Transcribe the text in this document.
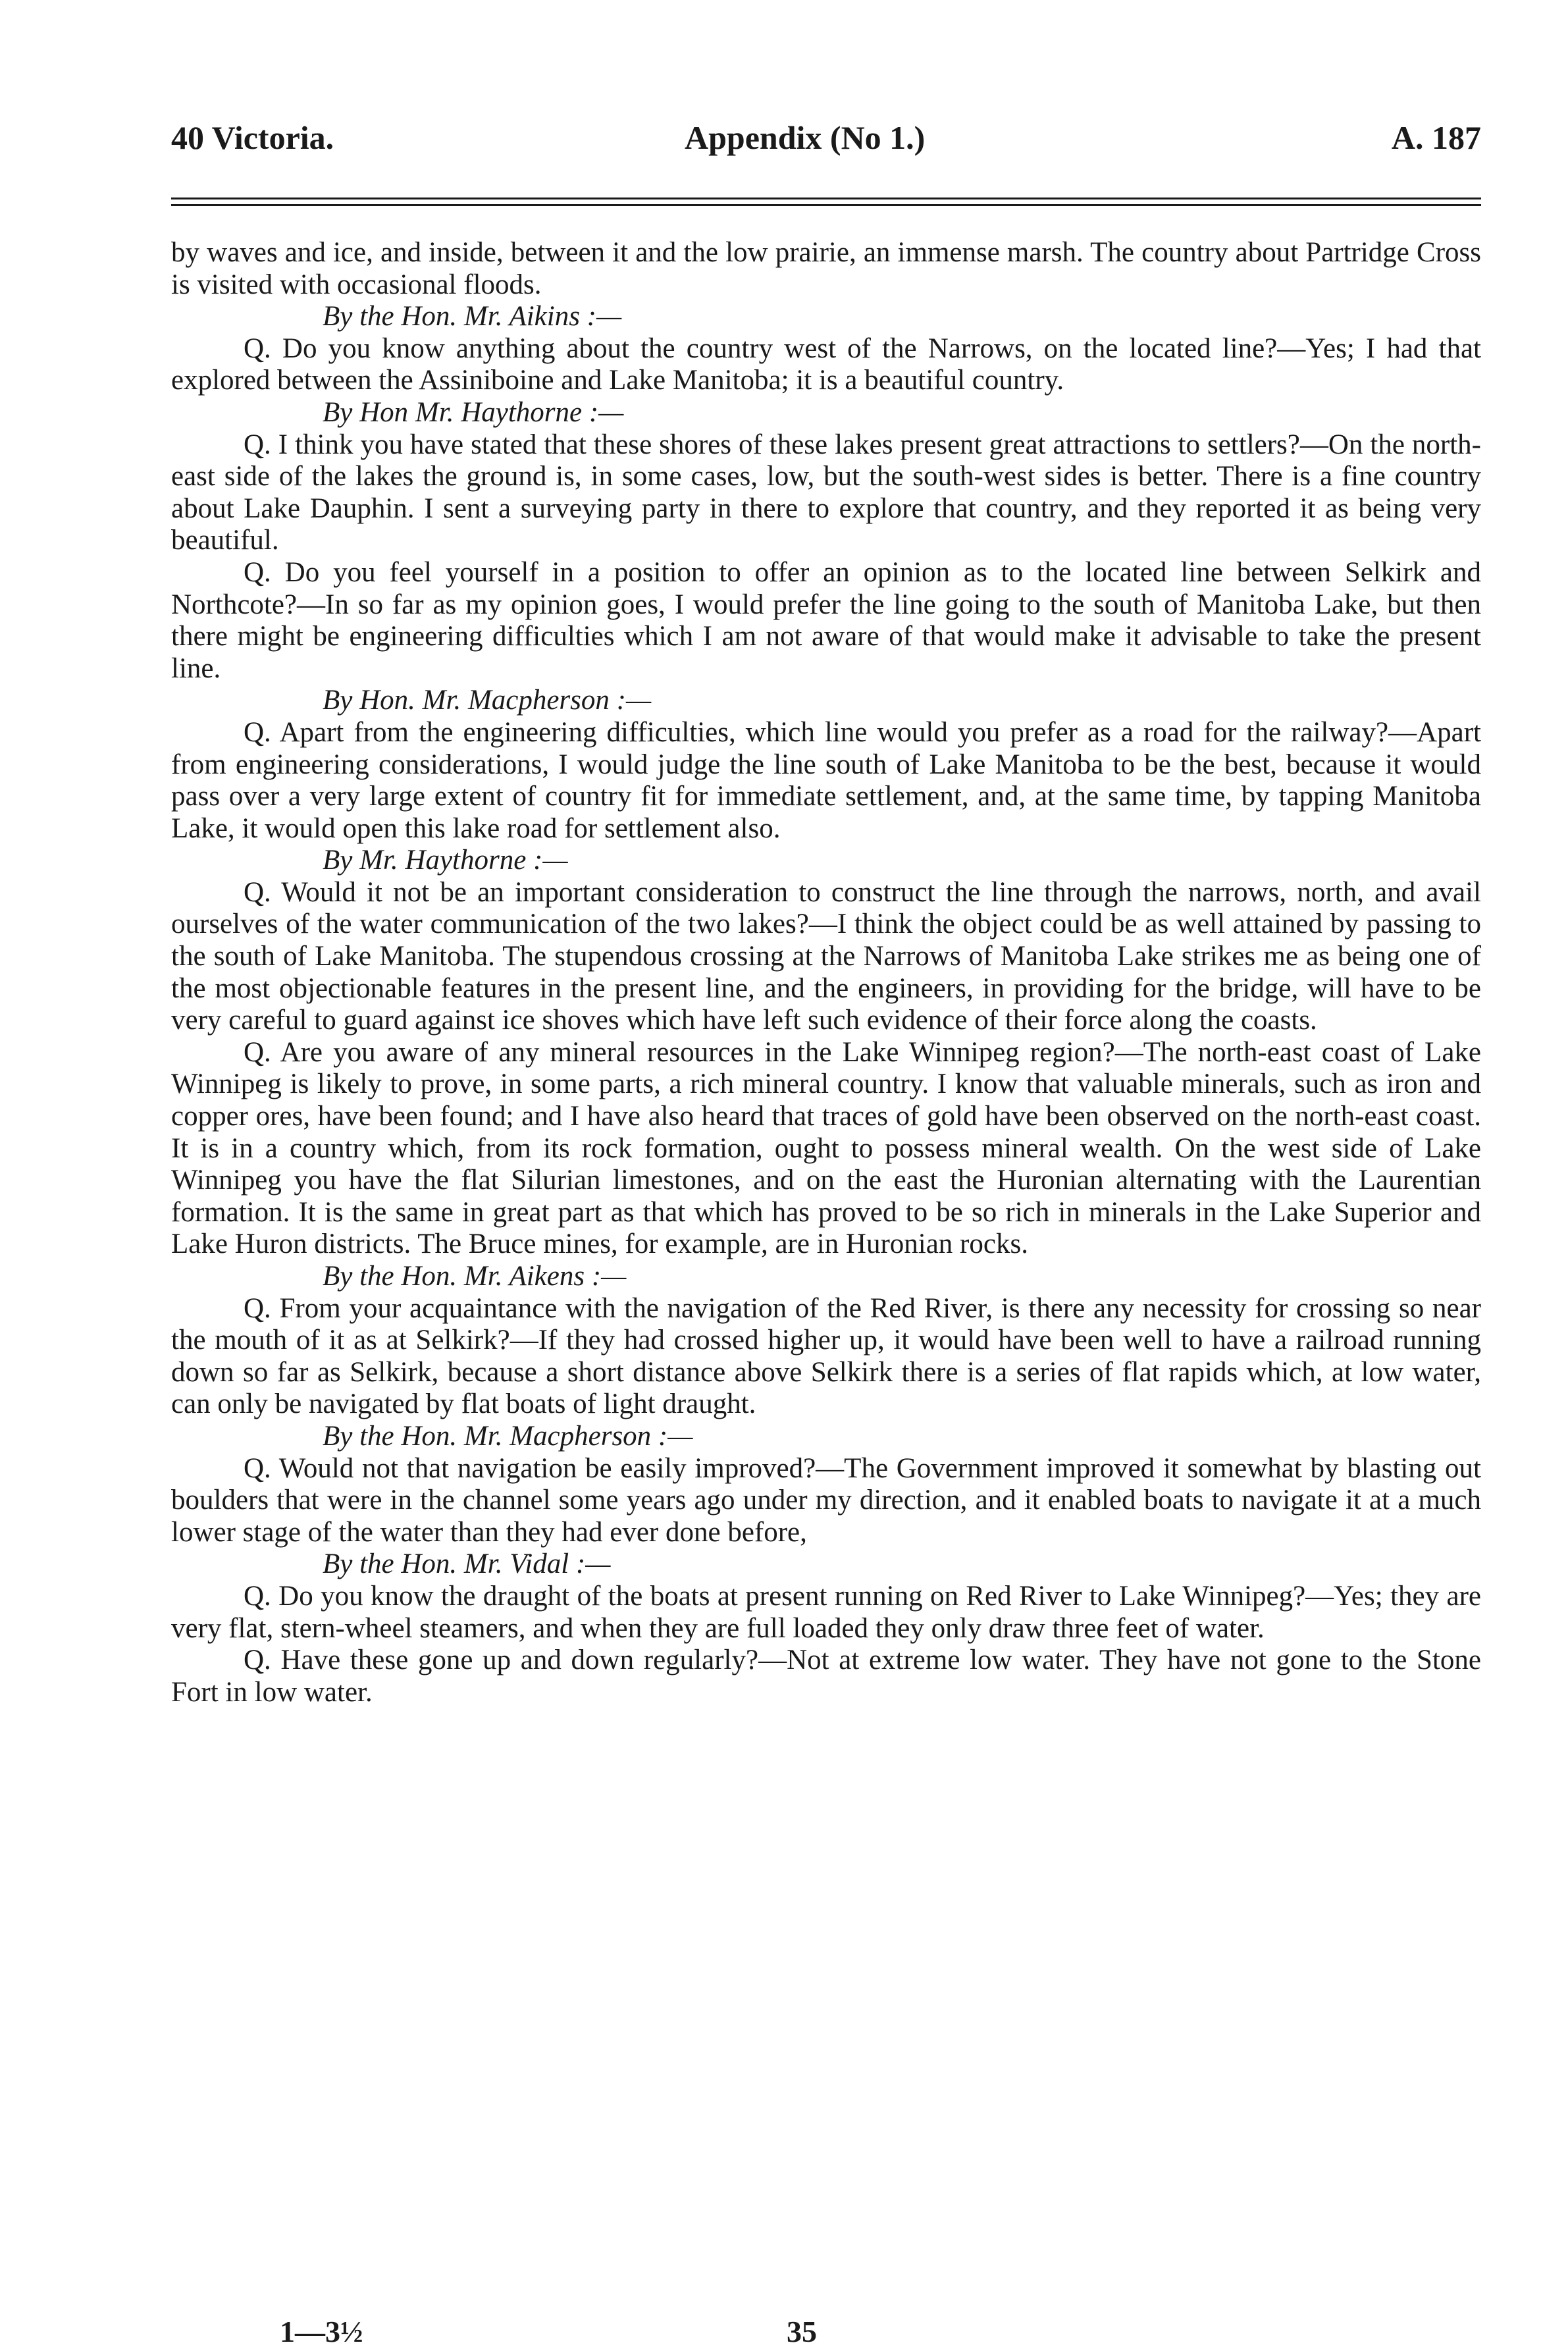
40 Victoria.	Appendix (No 1.)	A. 187

by waves and ice, and inside, between it and the low prairie, an immense marsh. The country about Partridge Cross is visited with occasional floods.

By the Hon. Mr. Aikins :—

Q. Do you know anything about the country west of the Narrows, on the located line?—Yes; I had that explored between the Assiniboine and Lake Manitoba; it is a beautiful country.

By Hon Mr. Haythorne :—

Q. I think you have stated that these shores of these lakes present great attractions to settlers?—On the north-east side of the lakes the ground is, in some cases, low, but the south-west sides is better. There is a fine country about Lake Dauphin. I sent a surveying party in there to explore that country, and they reported it as being very beautiful.

Q. Do you feel yourself in a position to offer an opinion as to the located line between Selkirk and Northcote?—In so far as my opinion goes, I would prefer the line going to the south of Manitoba Lake, but then there might be engineering difficulties which I am not aware of that would make it advisable to take the present line.

By Hon. Mr. Macpherson :—

Q. Apart from the engineering difficulties, which line would you prefer as a road for the railway?—Apart from engineering considerations, I would judge the line south of Lake Manitoba to be the best, because it would pass over a very large extent of country fit for immediate settlement, and, at the same time, by tapping Manitoba Lake, it would open this lake road for settlement also.

By Mr. Haythorne :—

Q. Would it not be an important consideration to construct the line through the narrows, north, and avail ourselves of the water communication of the two lakes?—I think the object could be as well attained by passing to the south of Lake Manitoba. The stupendous crossing at the Narrows of Manitoba Lake strikes me as being one of the most objectionable features in the present line, and the engineers, in providing for the bridge, will have to be very careful to guard against ice shoves which have left such evidence of their force along the coasts.

Q. Are you aware of any mineral resources in the Lake Winnipeg region?—The north-east coast of Lake Winnipeg is likely to prove, in some parts, a rich mineral country. I know that valuable minerals, such as iron and copper ores, have been found; and I have also heard that traces of gold have been observed on the north-east coast. It is in a country which, from its rock formation, ought to possess mineral wealth. On the west side of Lake Winnipeg you have the flat Silurian limestones, and on the east the Huronian alternating with the Laurentian formation. It is the same in great part as that which has proved to be so rich in minerals in the Lake Superior and Lake Huron districts. The Bruce mines, for example, are in Huronian rocks.

By the Hon. Mr. Aikens :—

Q. From your acquaintance with the navigation of the Red River, is there any necessity for crossing so near the mouth of it as at Selkirk?—If they had crossed higher up, it would have been well to have a railroad running down so far as Selkirk, because a short distance above Selkirk there is a series of flat rapids which, at low water, can only be navigated by flat boats of light draught.

By the Hon. Mr. Macpherson :—

Q. Would not that navigation be easily improved?—The Government improved it somewhat by blasting out boulders that were in the channel some years ago under my direction, and it enabled boats to navigate it at a much lower stage of the water than they had ever done before,

By the Hon. Mr. Vidal :—

Q. Do you know the draught of the boats at present running on Red River to Lake Winnipeg?—Yes; they are very flat, stern-wheel steamers, and when they are full loaded they only draw three feet of water.

Q. Have these gone up and down regularly?—Not at extreme low water. They have not gone to the Stone Fort in low water.

1—3½	35
